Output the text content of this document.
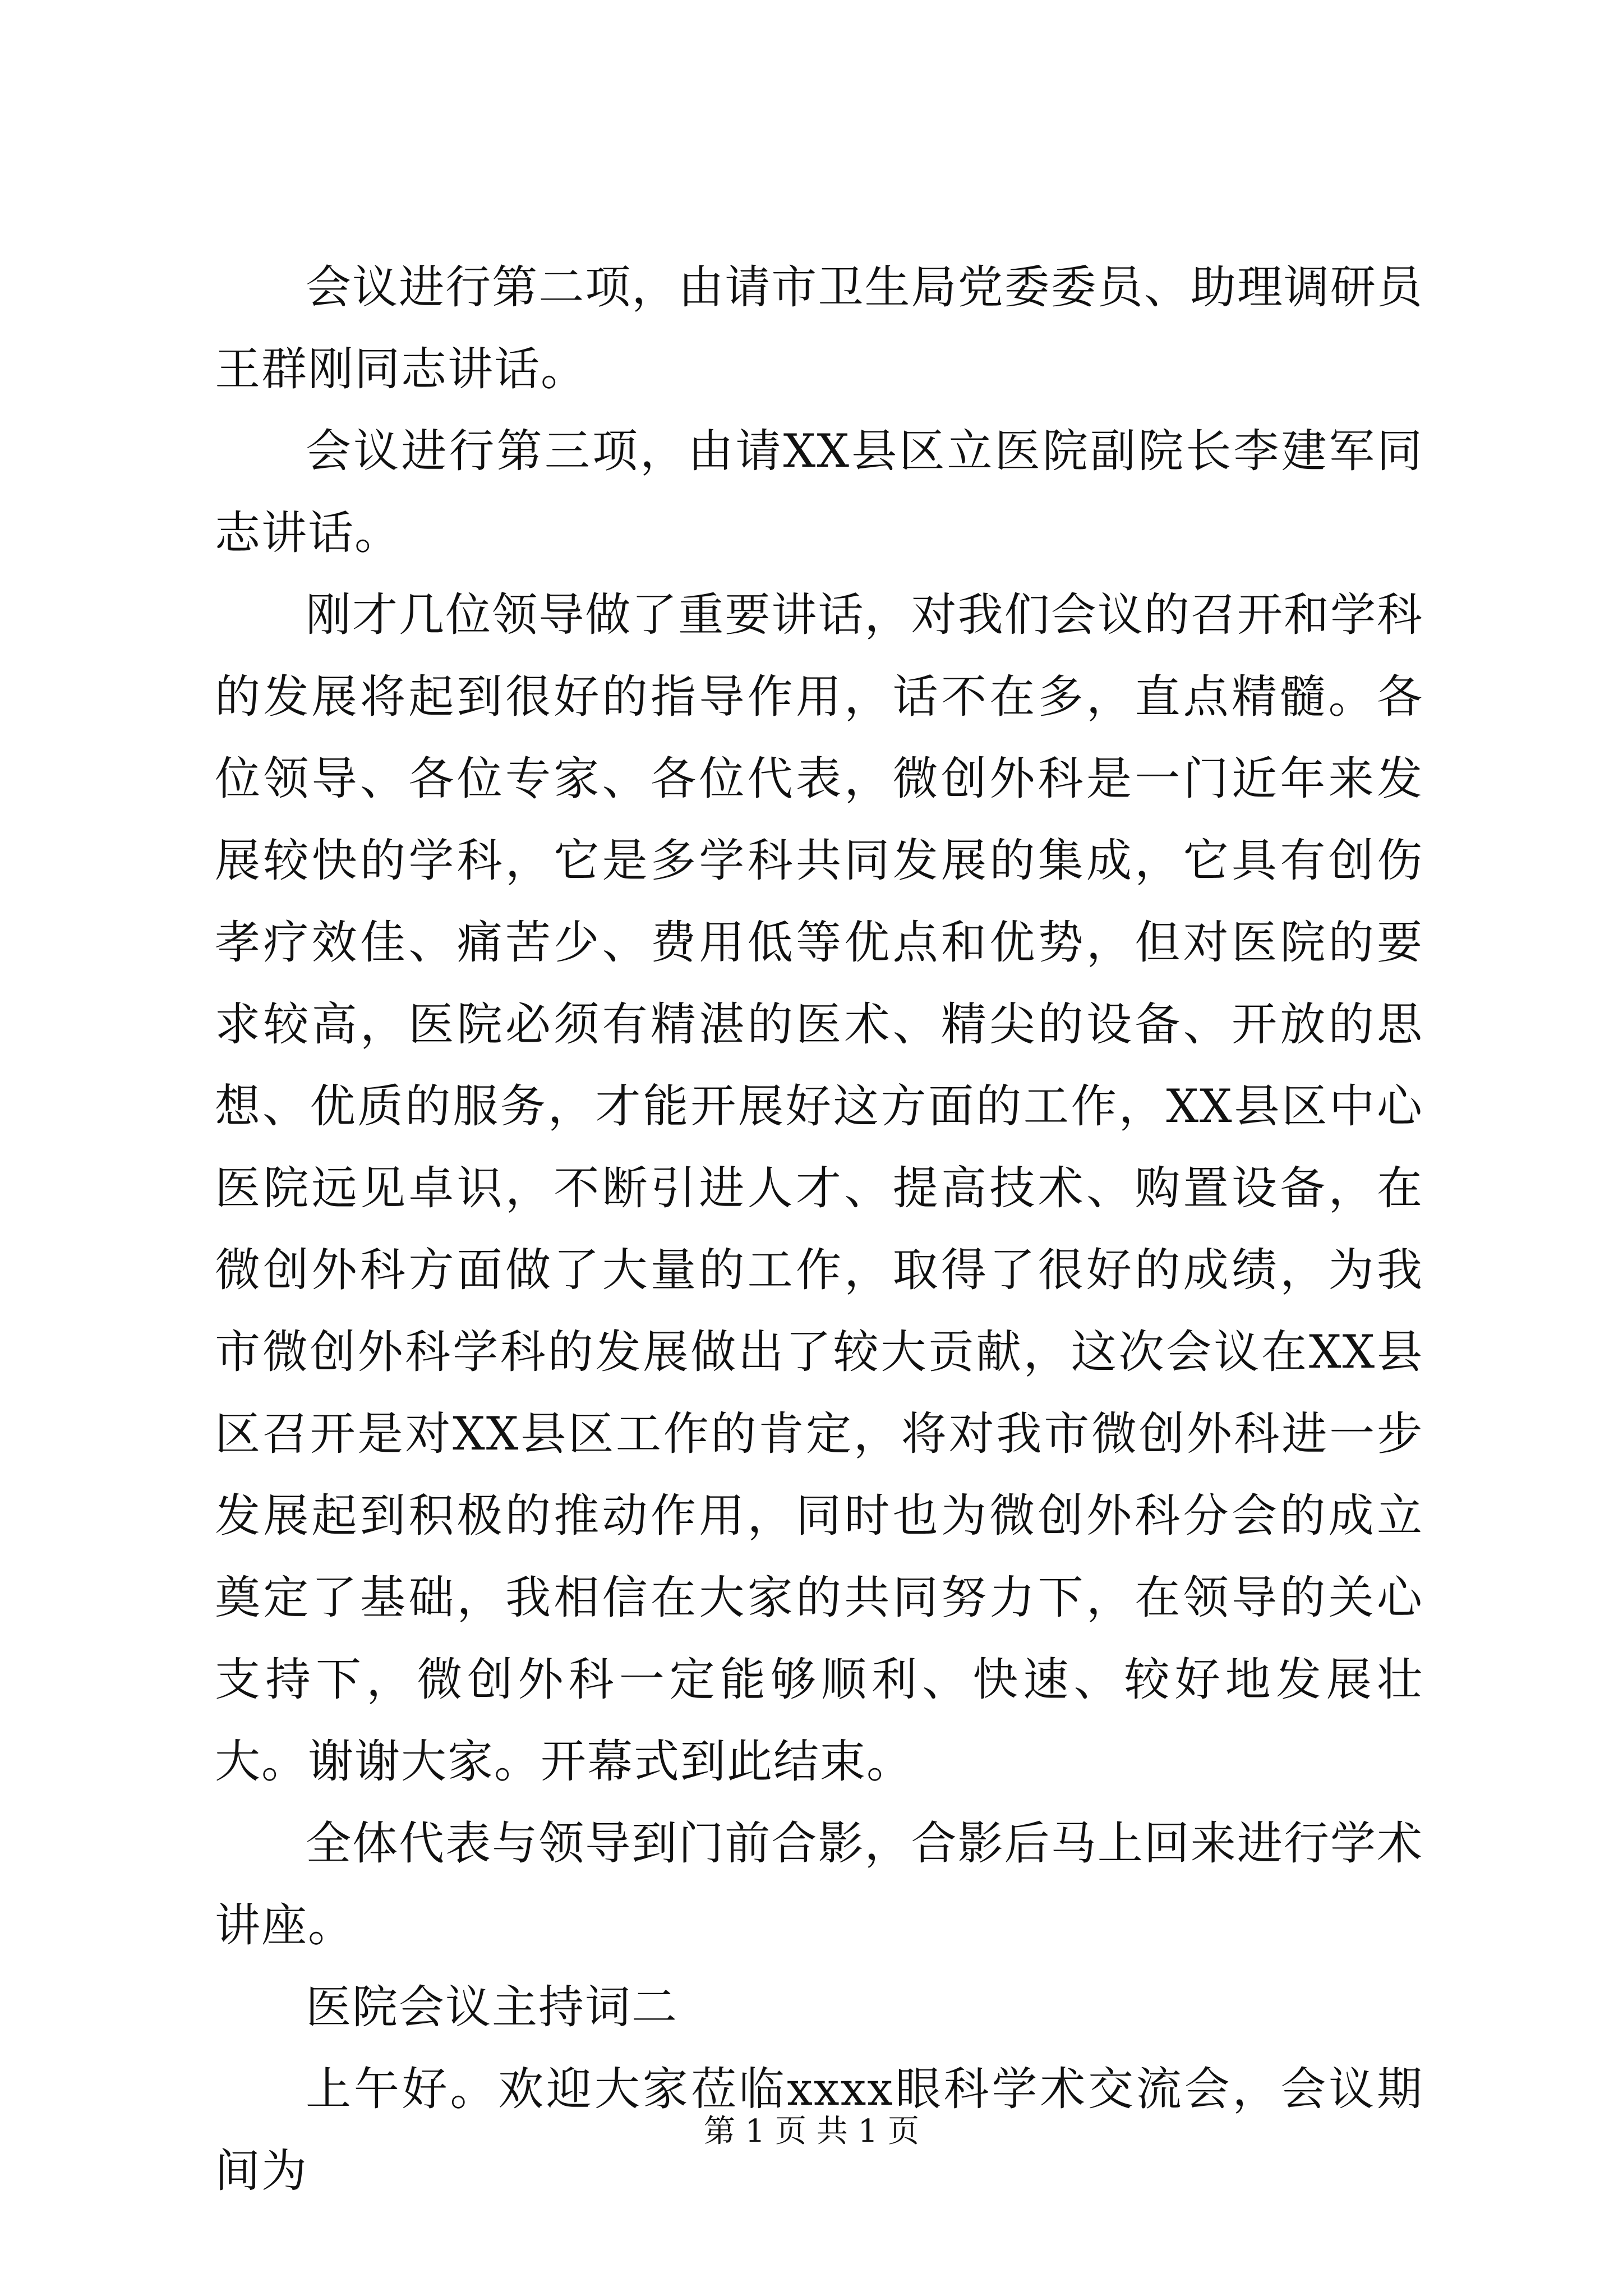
会议进行第二项，由请市卫生局党委委员、助理调研员王群刚同志讲话。

会议进行第三项，由请XX县区立医院副院长李建军同志讲话。

刚才几位领导做了重要讲话，对我们会议的召开和学科的发展将起到很好的指导作用，话不在多，直点精髓。各位领导、各位专家、各位代表，微创外科是一门近年来发展较快的学科，它是多学科共同发展的集成，它具有创伤孝疗效佳、痛苦少、费用低等优点和优势，但对医院的要求较高，医院必须有精湛的医术、精尖的设备、开放的思想、优质的服务，才能开展好这方面的工作，XX县区中心医院远见卓识，不断引进人才、提高技术、购置设备，在微创外科方面做了大量的工作，取得了很好的成绩，为我市微创外科学科的发展做出了较大贡献，这次会议在XX县区召开是对XX县区工作的肯定，将对我市微创外科进一步发展起到积极的推动作用，同时也为微创外科分会的成立奠定了基础，我相信在大家的共同努力下，在领导的关心支持下，微创外科一定能够顺利、快速、较好地发展壮大。谢谢大家。开幕式到此结束。

全体代表与领导到门前合影，合影后马上回来进行学术讲座。

医院会议主持词二

上午好。欢迎大家莅临xxxx眼科学术交流会，会议期间为

第 1 页 共 1 页
